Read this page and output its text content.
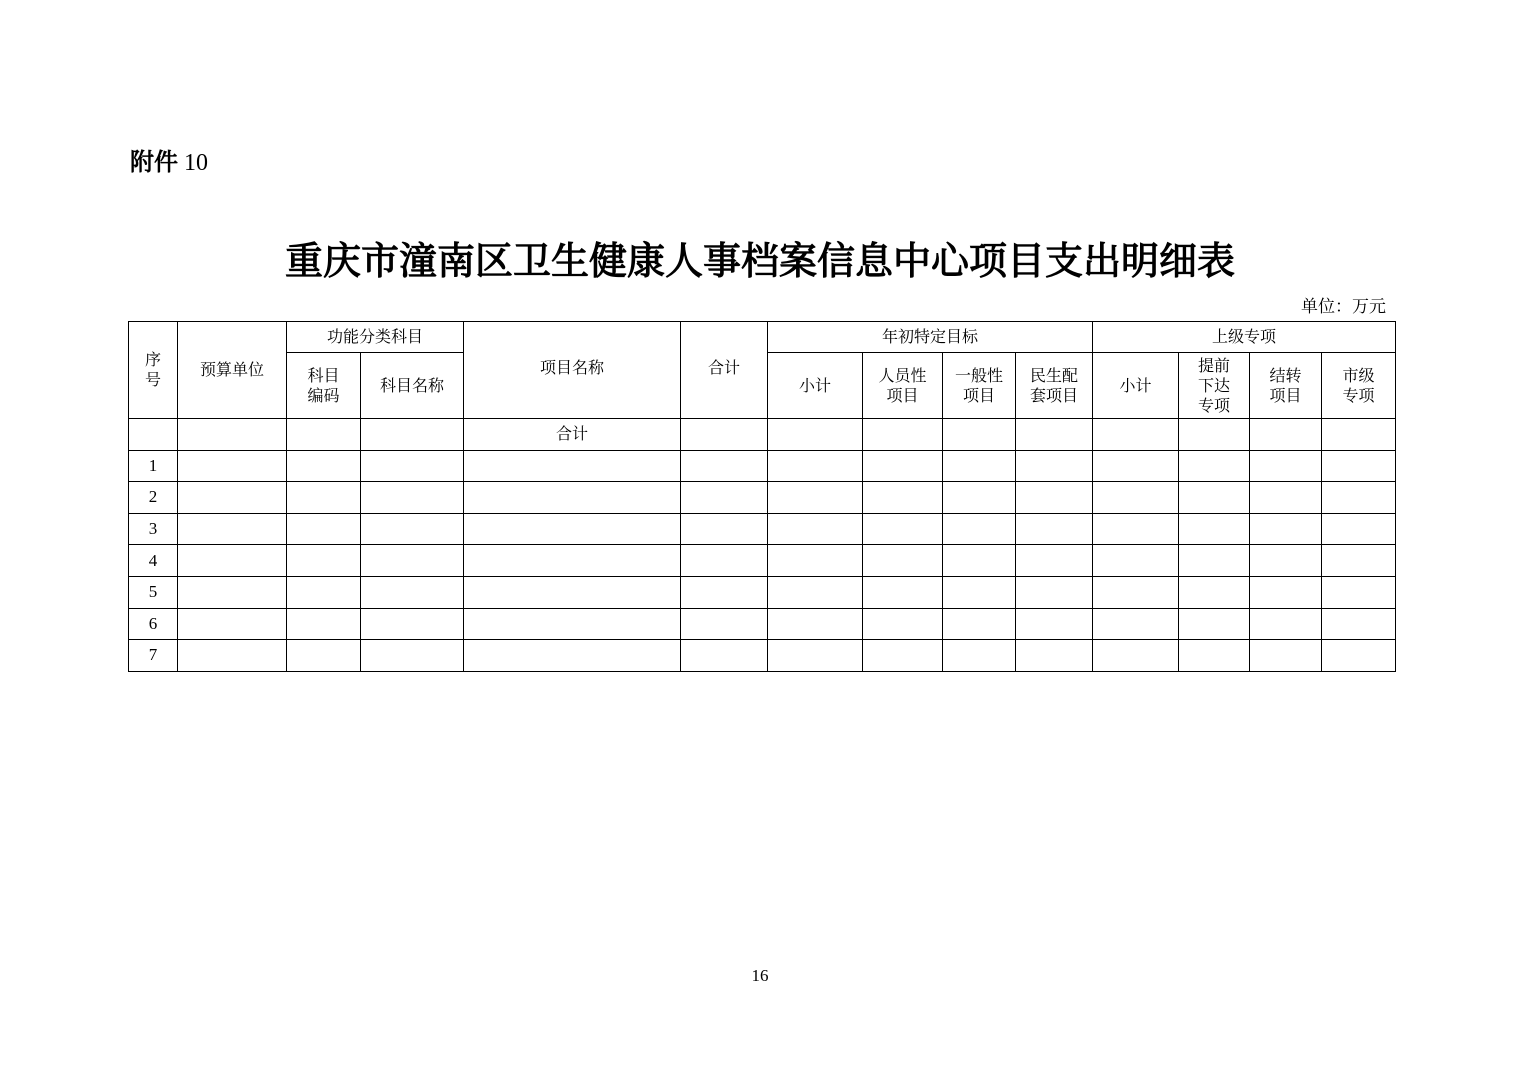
附件 10
重庆市潼南区卫生健康人事档案信息中心项目支出明细表
单位：万元
序号	预算单位	功能分类科目		项目名称	合计	年初特定目标				上级专项			

		科目编码	科目名称			小计	人员性项目	一般性项目	民生配套项目	小计	提前下达专项	结转项目	市级专项

				合计									
1													
2													
3													
4													
5													
6													
7													
16
